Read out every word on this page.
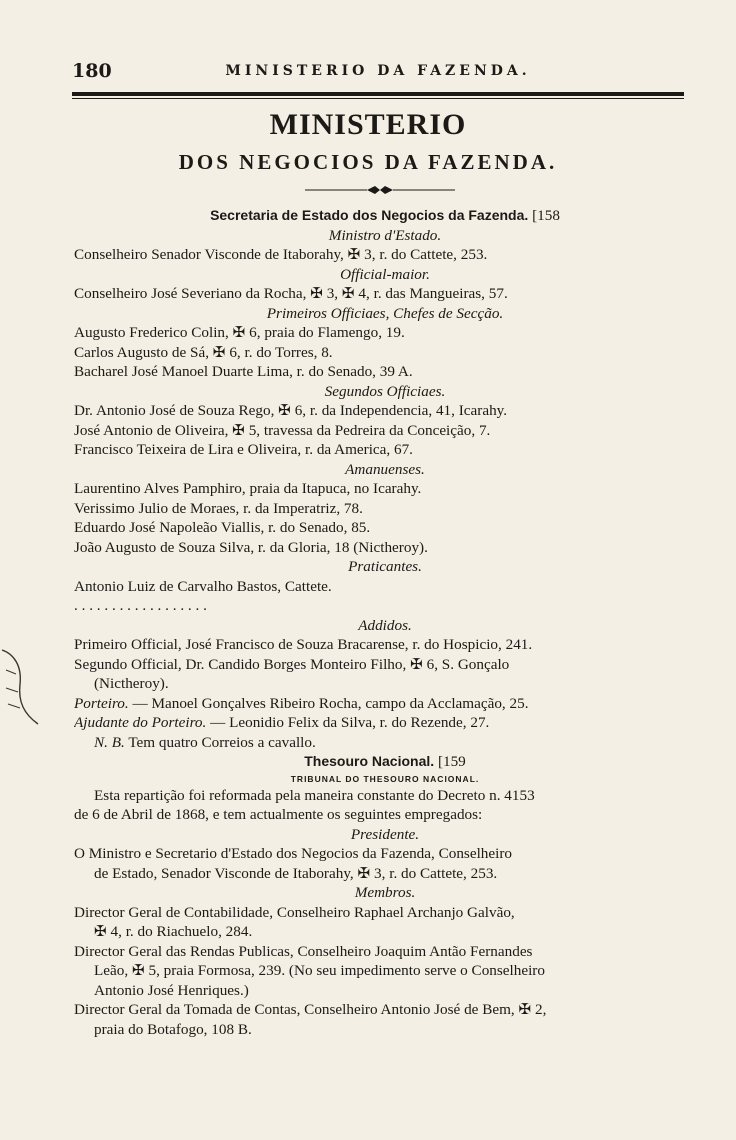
180	MINISTERIO DA FAZENDA.
MINISTERIO
DOS NEGOCIOS DA FAZENDA.
Secretaria de Estado dos Negocios da Fazenda. [158
Ministro d'Estado.
Conselheiro Senador Visconde de Itaborahy, ✠ 3, r. do Cattete, 253.
Official-maior.
Conselheiro José Severiano da Rocha, ✠ 3, ✠ 4, r. das Mangueiras, 57.
Primeiros Officiaes, Chefes de Secção.
Augusto Frederico Colin, ✠ 6, praia do Flamengo, 19.
Carlos Augusto de Sá, ✠ 6, r. do Torres, 8.
Bacharel José Manoel Duarte Lima, r. do Senado, 39 A.
Segundos Officiaes.
Dr. Antonio José de Souza Rego, ✠ 6, r. da Independencia, 41, Icarahy.
José Antonio de Oliveira, ✠ 5, travessa da Pedreira da Conceição, 7.
Francisco Teixeira de Lira e Oliveira, r. da America, 67.
Amanuenses.
Laurentino Alves Pamphiro, praia da Itapuca, no Icarahy.
Verissimo Julio de Moraes, r. da Imperatriz, 78.
Eduardo José Napoleão Viallis, r. do Senado, 85.
João Augusto de Souza Silva, r. da Gloria, 18 (Nictheroy).
Praticantes.
Antonio Luiz de Carvalho Bastos, Cattete.
. . . . . . . . . . . . . . . . . .
Addidos.
Primeiro Official, José Francisco de Souza Bracarense, r. do Hospicio, 241.
Segundo Official, Dr. Candido Borges Monteiro Filho, ✠ 6, S. Gonçalo
(Nictheroy).
Porteiro. — Manoel Gonçalves Ribeiro Rocha, campo da Acclamação, 25.
Ajudante do Porteiro. — Leonidio Felix da Silva, r. do Rezende, 27.
N. B. Tem quatro Correios a cavallo.
Thesouro Nacional. [159
TRIBUNAL DO THESOURO NACIONAL.
Esta repartição foi reformada pela maneira constante do Decreto n. 4153
de 6 de Abril de 1868, e tem actualmente os seguintes empregados:
Presidente.
O Ministro e Secretario d'Estado dos Negocios da Fazenda, Conselheiro
de Estado, Senador Visconde de Itaborahy, ✠ 3, r. do Cattete, 253.
Membros.
Director Geral de Contabilidade, Conselheiro Raphael Archanjo Galvão,
✠ 4, r. do Riachuelo, 284.
Director Geral das Rendas Publicas, Conselheiro Joaquim Antão Fernandes
Leão, ✠ 5, praia Formosa, 239. (No seu impedimento serve o Conselheiro
Antonio José Henriques.)
Director Geral da Tomada de Contas, Conselheiro Antonio José de Bem, ✠ 2,
praia do Botafogo, 108 B.
